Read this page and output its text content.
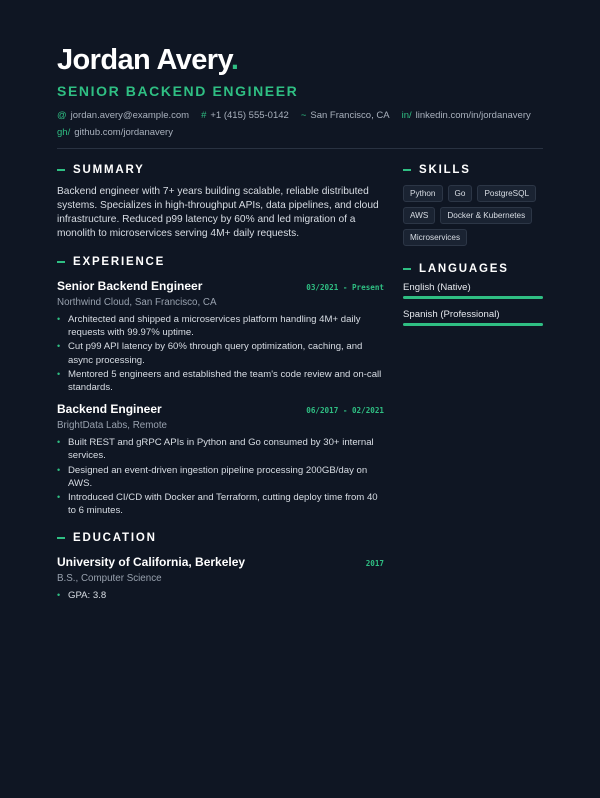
Jordan Avery.
SENIOR BACKEND ENGINEER
@ jordan.avery@example.com # +1 (415) 555-0142 ~ San Francisco, CA in/ linkedin.com/in/jordanavery
gh/ github.com/jordanavery
SUMMARY

Backend engineer with 7+ years building scalable, reliable distributed systems. Specializes in high-throughput APIs, data pipelines, and cloud infrastructure. Reduced p99 latency by 60% and led migration of a monolith to microservices serving 4M+ daily requests.

EXPERIENCE
Senior Backend Engineer	03/2021 - Present
Northwind Cloud, San Francisco, CA
• Architected and shipped a microservices platform handling 4M+ daily requests with 99.97% uptime.
• Cut p99 API latency by 60% through query optimization, caching, and async processing.
• Mentored 5 engineers and established the team's code review and on-call standards.
Backend Engineer	06/2017 - 02/2021
BrightData Labs, Remote
• Built REST and gRPC APIs in Python and Go consumed by 30+ internal services.
• Designed an event-driven ingestion pipeline processing 200GB/day on AWS.
• Introduced CI/CD with Docker and Terraform, cutting deploy time from 40 to 6 minutes.
EDUCATION
University of California, Berkeley	2017
B.S., Computer Science
• GPA: 3.8
SKILLS
Python	Go	PostgreSQL
AWS	Docker & Kubernetes
Microservices
LANGUAGES
English (Native)
Spanish (Professional)
